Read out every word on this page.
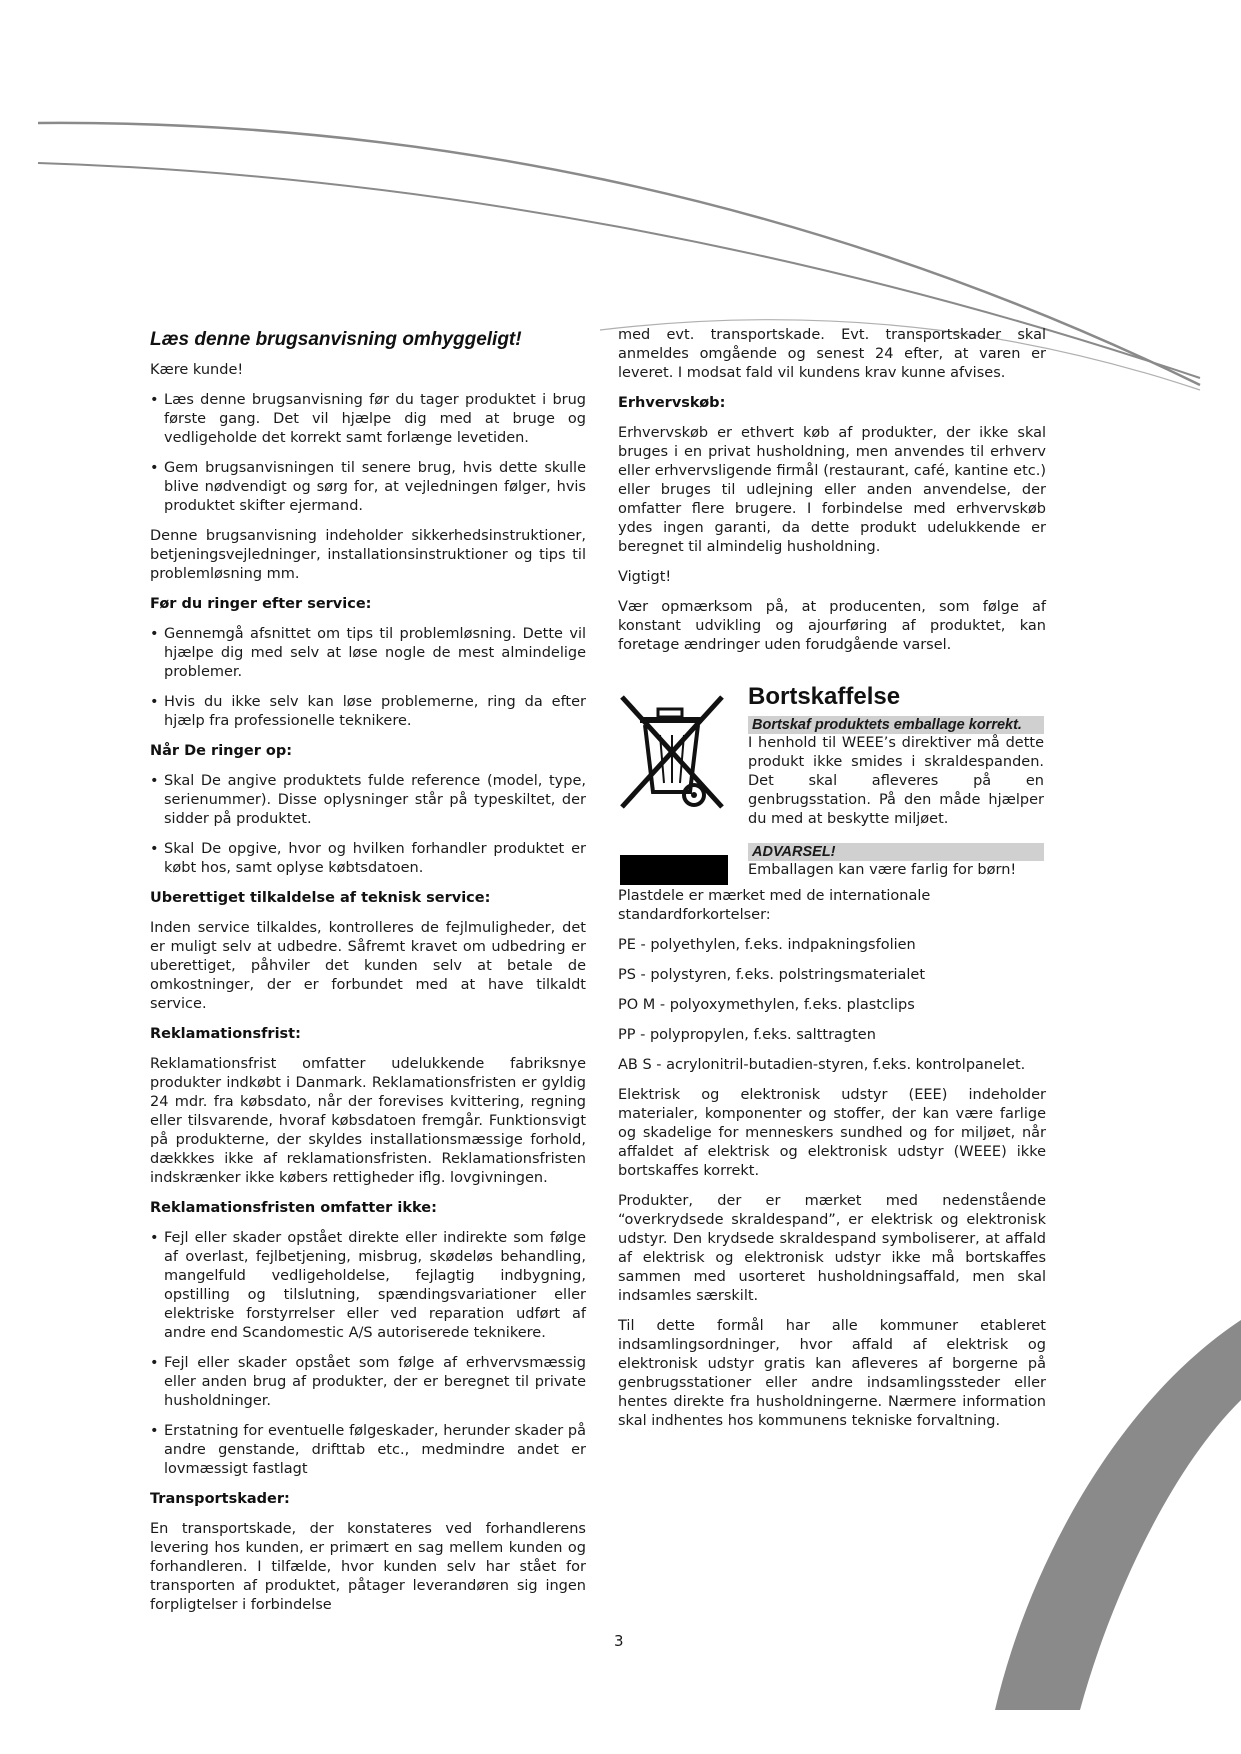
Læs denne brugsanvisning omhyggeligt!

Kære kunde!

• Læs denne brugsanvisning før du tager produktet i brug første gang. Det vil hjælpe dig med at bruge og vedligeholde det korrekt samt forlænge levetiden.
• Gem brugsanvisningen til senere brug, hvis dette skulle blive nødvendigt og sørg for, at vejledningen følger, hvis produktet skifter ejermand.

Denne brugsanvisning indeholder sikkerhedsinstruktioner, betjeningsvejledninger, installationsinstruktioner og tips til problemløsning mm.

Før du ringer efter service:
• Gennemgå afsnittet om tips til problemløsning. Dette vil hjælpe dig med selv at løse nogle de mest almindelige problemer.
• Hvis du ikke selv kan løse problemerne, ring da efter hjælp fra professionelle teknikere.
Når De ringer op:
• Skal De angive produktets fulde reference (model, type, serienummer). Disse oplysninger står på typeskiltet, der sidder på produktet.
• Skal De opgive, hvor og hvilken forhandler produktet er købt hos, samt oplyse købtsdatoen.
Uberettiget tilkaldelse af teknisk service:

Inden service tilkaldes, kontrolleres de fejlmuligheder, det er muligt selv at udbedre. Såfremt kravet om udbedring er uberettiget, påhviler det kunden selv at betale de omkostninger, der er forbundet med at have tilkaldt service.

Reklamationsfrist:

Reklamationsfrist omfatter udelukkende fabriksnye produkter indkøbt i Danmark. Reklamationsfristen er gyldig 24 mdr. fra købsdato, når der forevises kvittering, regning eller tilsvarende, hvoraf købsdatoen fremgår. Funktionsvigt på produkterne, der skyldes installationsmæssige forhold, dækkkes ikke af reklamationsfristen. Reklamationsfristen indskrænker ikke købers rettigheder iflg. lovgivningen.

Reklamationsfristen omfatter ikke:
• Fejl eller skader opstået direkte eller indirekte som følge af overlast, fejlbetjening, misbrug, skødeløs behandling, mangelfuld vedligeholdelse, fejlagtig indbygning, opstilling og tilslutning, spændingsvariationer eller elektriske forstyrrelser eller ved reparation udført af andre end Scandomestic A/S autoriserede teknikere.
• Fejl eller skader opstået som følge af erhvervsmæssig eller anden brug af produkter, der er beregnet til private husholdninger.
• Erstatning for eventuelle følgeskader, herunder skader på andre genstande, drifttab etc., medmindre andet er lovmæssigt fastlagt
Transportskader:

En transportskade, der konstateres ved forhandlerens levering hos kunden, er primært en sag mellem kunden og forhandleren. I tilfælde, hvor kunden selv har stået for transporten af produktet, påtager leverandøren sig ingen forpligtelser i forbindelse

med evt. transportskade. Evt. transportskader skal anmeldes omgående og senest 24 efter, at varen er leveret. I modsat fald vil kundens krav kunne afvises.

Erhvervskøb:

Erhvervskøb er ethvert køb af produkter, der ikke skal bruges i en privat husholdning, men anvendes til erhverv eller erhvervsligende firmål (restaurant, café, kantine etc.) eller bruges til udlejning eller anden anvendelse, der omfatter flere brugere. I forbindelse med erhvervskøb ydes ingen garanti, da dette produkt udelukkende er beregnet til almindelig husholdning.

Vigtigt!

Vær opmærksom på, at producenten, som følge af konstant udvikling og ajourføring af produktet, kan foretage ændringer uden forudgående varsel.

Bortskaffelse
Bortskaf produktets emballage korrekt.
I henhold til WEEE’s direktiver må dette produkt ikke smides i skraldespanden. Det skal afleveres på en genbrugsstation. På den måde hjælper du med at beskytte miljøet.
ADVARSEL!
Emballagen kan være farlig for børn!

Plastdele er mærket med de internationale standardforkortelser:

PE - polyethylen, f.eks. indpakningsfolien

PS - polystyren, f.eks. polstringsmaterialet

PO M - polyoxymethylen, f.eks. plastclips

PP - polypropylen, f.eks. salttragten

AB S - acrylonitril-butadien-styren, f.eks. kontrolpanelet.

Elektrisk og elektronisk udstyr (EEE) indeholder materialer, komponenter og stoffer, der kan være farlige og skadelige for menneskers sundhed og for miljøet, når affaldet af elektrisk og elektronisk udstyr (WEEE) ikke bortskaffes korrekt.

Produkter, der er mærket med nedenstående “overkrydsede skraldespand”, er elektrisk og elektronisk udstyr. Den krydsede skraldespand symboliserer, at affald af elektrisk og elektronisk udstyr ikke må bortskaffes sammen med usorteret husholdningsaffald, men skal indsamles særskilt.

Til dette formål har alle kommuner etableret indsamlingsordninger, hvor affald af elektrisk og elektronisk udstyr gratis kan afleveres af borgerne på genbrugsstationer eller andre indsamlingssteder eller hentes direkte fra husholdningerne. Nærmere information skal indhentes hos kommunens tekniske forvaltning.

3
